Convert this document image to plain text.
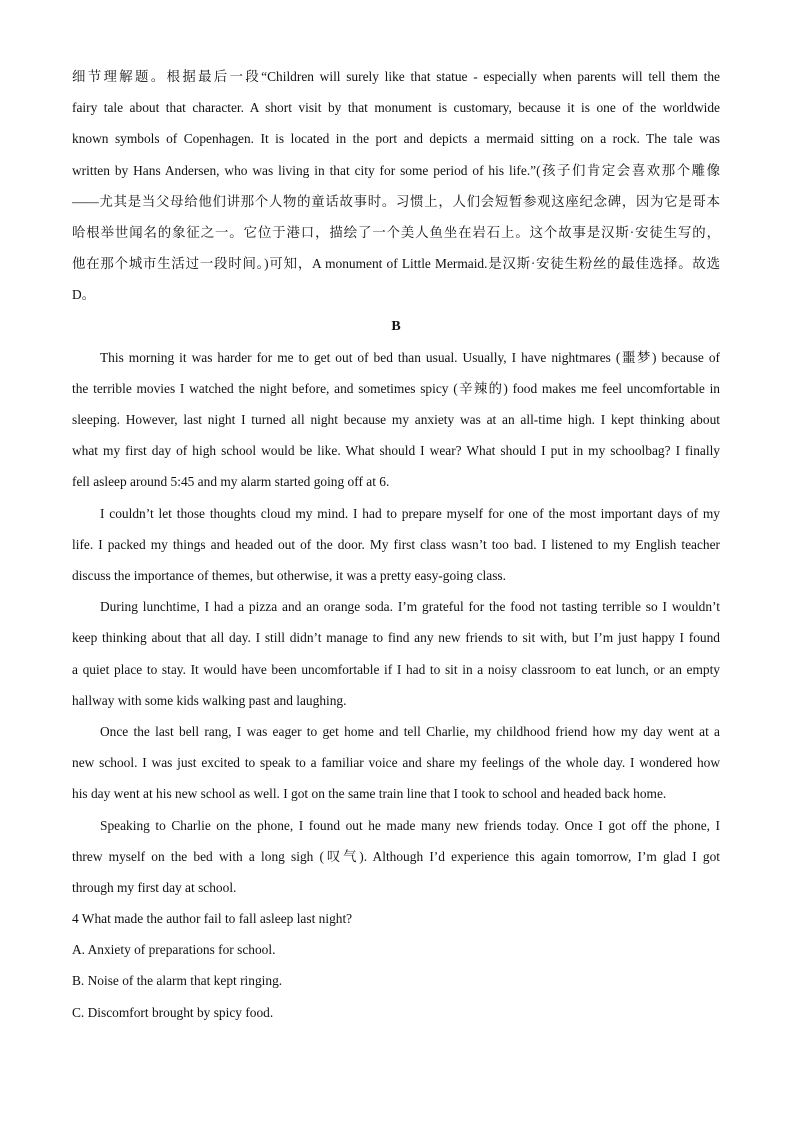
细节理解题。根据最后一段“Children will surely like that statue - especially when parents will tell them the
fairy tale about that character. A short visit by that monument is customary, because it is one of the worldwide
known symbols of Copenhagen. It is located in the port and depicts a mermaid sitting on a rock. The tale was
written by Hans Andersen, who was living in that city for some period of his life.”(孩子们肯定会喜欢那个雕像
——尤其是当父母给他们讲那个人物的童话故事时。习惯上，人们会短暂参观这座纪念碑，因为它是哥本
哈根举世闻名的象征之一。它位于港口，描绘了一个美人鱼坐在岩石上。这个故事是汉斯·安徒生写的，
他在那个城市生活过一段时间。)可知，A monument of Little Mermaid.是汉斯·安徒生粉丝的最佳选择。故选
D。
B
This morning it was harder for me to get out of bed than usual. Usually, I have nightmares (噩梦) because of
the terrible movies I watched the night before, and sometimes spicy (辛辣的) food makes me feel uncomfortable in
sleeping. However, last night I turned all night because my anxiety was at an all-time high. I kept thinking about
what my first day of high school would be like. What should I wear? What should I put in my schoolbag? I finally
fell asleep around 5:45 and my alarm started going off at 6.
I couldn’t let those thoughts cloud my mind. I had to prepare myself for one of the most important days of my
life. I packed my things and headed out of the door. My first class wasn’t too bad. I listened to my English teacher
discuss the importance of themes, but otherwise, it was a pretty easy-going class.
During lunchtime, I had a pizza and an orange soda. I’m grateful for the food not tasting terrible so I wouldn’t
keep thinking about that all day. I still didn’t manage to find any new friends to sit with, but I’m just happy I found
a quiet place to stay. It would have been uncomfortable if I had to sit in a noisy classroom to eat lunch, or an empty
hallway with some kids walking past and laughing.
Once the last bell rang, I was eager to get home and tell Charlie, my childhood friend how my day went at a
new school. I was just excited to speak to a familiar voice and share my feelings of the whole day. I wondered how
his day went at his new school as well. I got on the same train line that I took to school and headed back home.
Speaking to Charlie on the phone, I found out he made many new friends today. Once I got off the phone, I
threw myself on the bed with a long sigh (叹气). Although I’d experience this again tomorrow, I’m glad I got
through my first day at school.
4 What made the author fail to fall asleep last night?
A. Anxiety of preparations for school.
B. Noise of the alarm that kept ringing.
C. Discomfort brought by spicy food.
